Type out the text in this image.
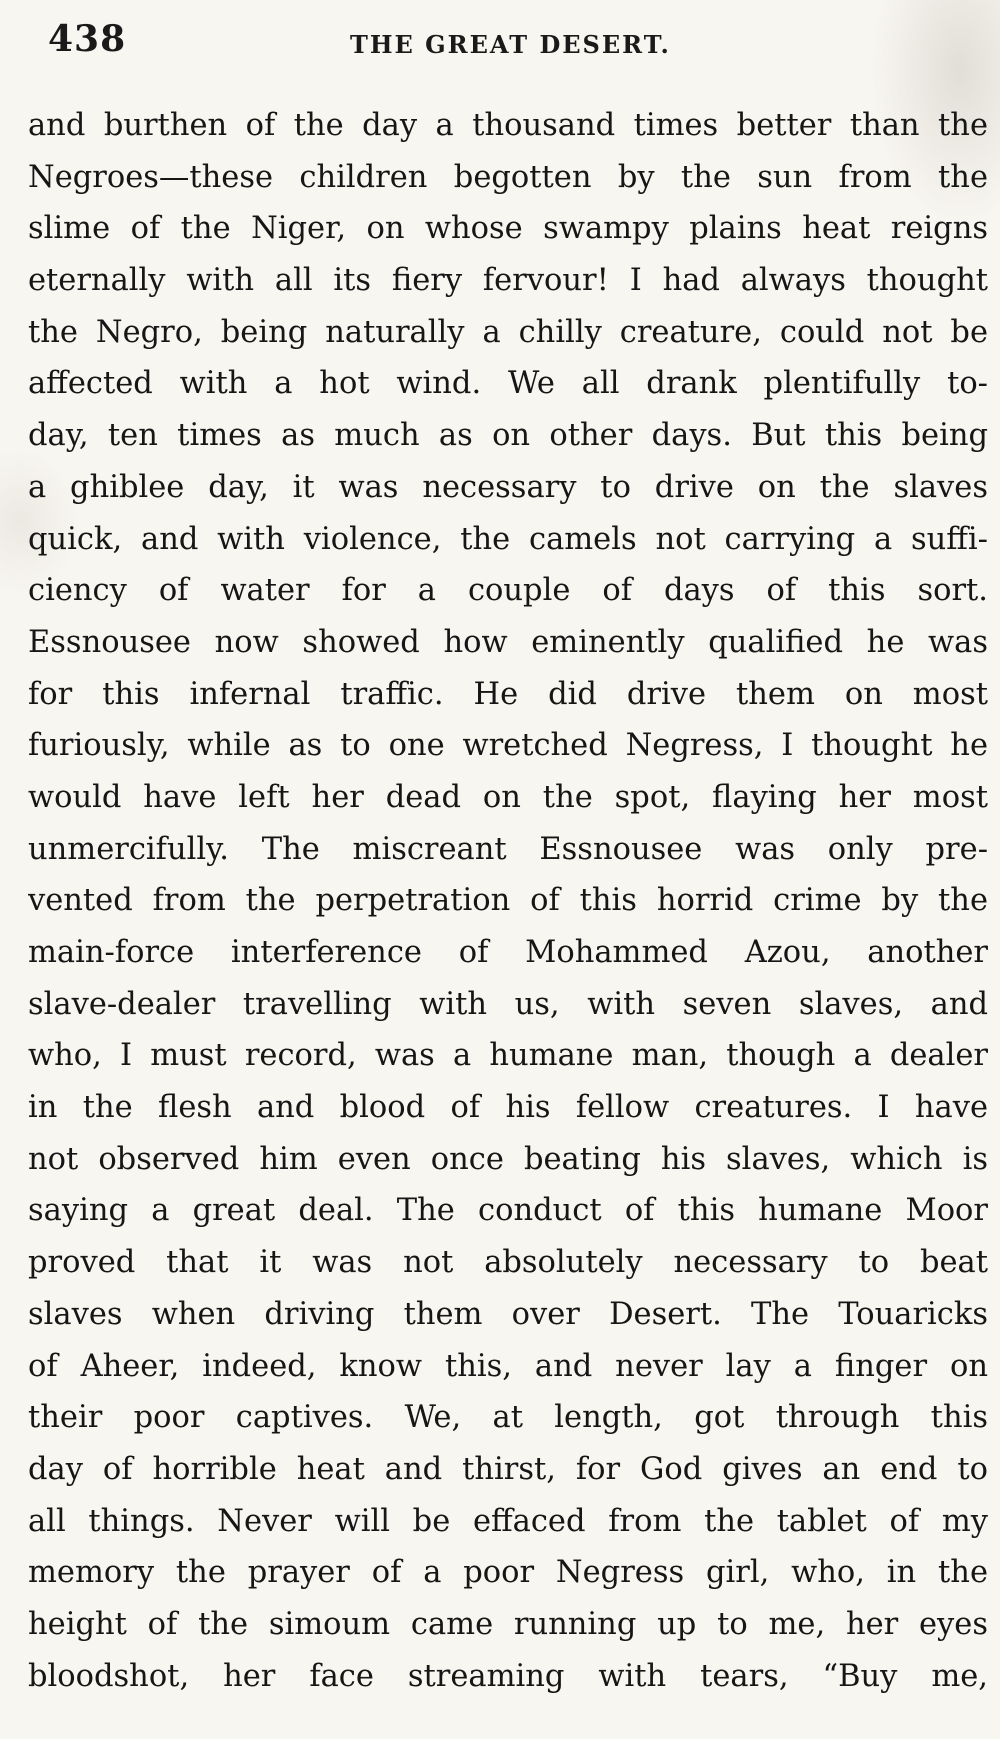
438	THE GREAT DESERT.
and burthen of the day a thousand times better than the
Negroes—these children begotten by the sun from the
slime of the Niger, on whose swampy plains heat reigns
eternally with all its fiery fervour! I had always thought
the Negro, being naturally a chilly creature, could not be
affected with a hot wind. We all drank plentifully to-
day, ten times as much as on other days. But this being
a ghiblee day, it was necessary to drive on the slaves
quick, and with violence, the camels not carrying a suffi-
ciency of water for a couple of days of this sort.
Essnousee now showed how eminently qualified he was
for this infernal traffic. He did drive them on most
furiously, while as to one wretched Negress, I thought he
would have left her dead on the spot, flaying her most
unmercifully. The miscreant Essnousee was only pre-
vented from the perpetration of this horrid crime by the
main-force interference of Mohammed Azou, another
slave-dealer travelling with us, with seven slaves, and
who, I must record, was a humane man, though a dealer
in the flesh and blood of his fellow creatures. I have
not observed him even once beating his slaves, which is
saying a great deal. The conduct of this humane Moor
proved that it was not absolutely necessary to beat
slaves when driving them over Desert. The Touaricks
of Aheer, indeed, know this, and never lay a finger on
their poor captives. We, at length, got through this
day of horrible heat and thirst, for God gives an end to
all things. Never will be effaced from the tablet of my
memory the prayer of a poor Negress girl, who, in the
height of the simoum came running up to me, her eyes
bloodshot, her face streaming with tears, “Buy me,
